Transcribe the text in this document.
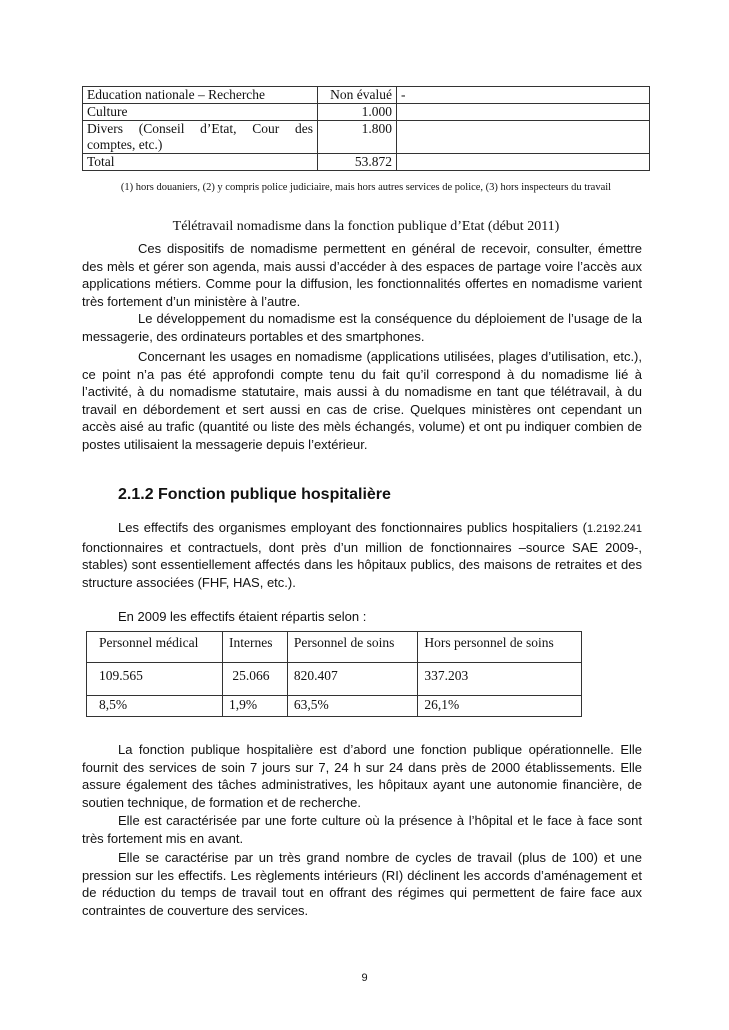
Education nationale – Recherche	Non évalué	-
Culture	1.000	
Divers (Conseil d’Etat, Cour des comptes, etc.)	1.800	
Total	53.872	
(1) hors douaniers, (2) y compris police judiciaire, mais hors autres services de police, (3) hors inspecteurs du travail
Télétravail nomadisme dans la fonction publique d’Etat (début 2011)

Ces dispositifs de nomadisme permettent en général de recevoir, consulter, émettre des mèls et gérer son agenda, mais aussi d’accéder à des espaces de partage voire l’accès aux applications métiers. Comme pour la diffusion, les fonctionnalités offertes en nomadisme varient très fortement d’un ministère à l’autre.

Le développement du nomadisme est la conséquence du déploiement de l’usage de la messagerie, des ordinateurs portables et des smartphones.

Concernant les usages en nomadisme (applications utilisées, plages d’utilisation, etc.), ce point n’a pas été approfondi compte tenu du fait qu’il correspond à du nomadisme lié à l’activité, à du nomadisme statutaire, mais aussi à du nomadisme en tant que télétravail, à du travail en débordement et sert aussi en cas de crise. Quelques ministères ont cependant un accès aisé au trafic (quantité ou liste des mèls échangés, volume) et ont pu indiquer combien de postes utilisaient la messagerie depuis l’extérieur.

2.1.2 Fonction publique hospitalière

Les effectifs des organismes employant des fonctionnaires publics hospitaliers (1.2192.241 fonctionnaires et contractuels, dont près d’un million de fonctionnaires –source SAE 2009-, stables) sont essentiellement affectés dans les hôpitaux publics, des maisons de retraites et des structure associées (FHF, HAS, etc.).

En 2009 les effectifs étaient répartis selon :

Personnel médical	Internes	Personnel de soins	Hors personnel de soins
109.565	25.066	820.407	337.203
8,5%	1,9%	63,5%	26,1%

La fonction publique hospitalière est d’abord une fonction publique opérationnelle. Elle fournit des services de soin 7 jours sur 7, 24 h sur 24 dans près de 2000 établissements. Elle assure également des tâches administratives, les hôpitaux ayant une autonomie financière, de soutien technique, de formation et de recherche.

Elle est caractérisée par une forte culture où la présence à l’hôpital et le face à face sont très fortement mis en avant.

Elle se caractérise par un très grand nombre de cycles de travail (plus de 100) et une pression sur les effectifs. Les règlements intérieurs (RI) déclinent les accords d’aménagement et de réduction du temps de travail tout en offrant des régimes qui permettent de faire face aux contraintes de couverture des services.

9
